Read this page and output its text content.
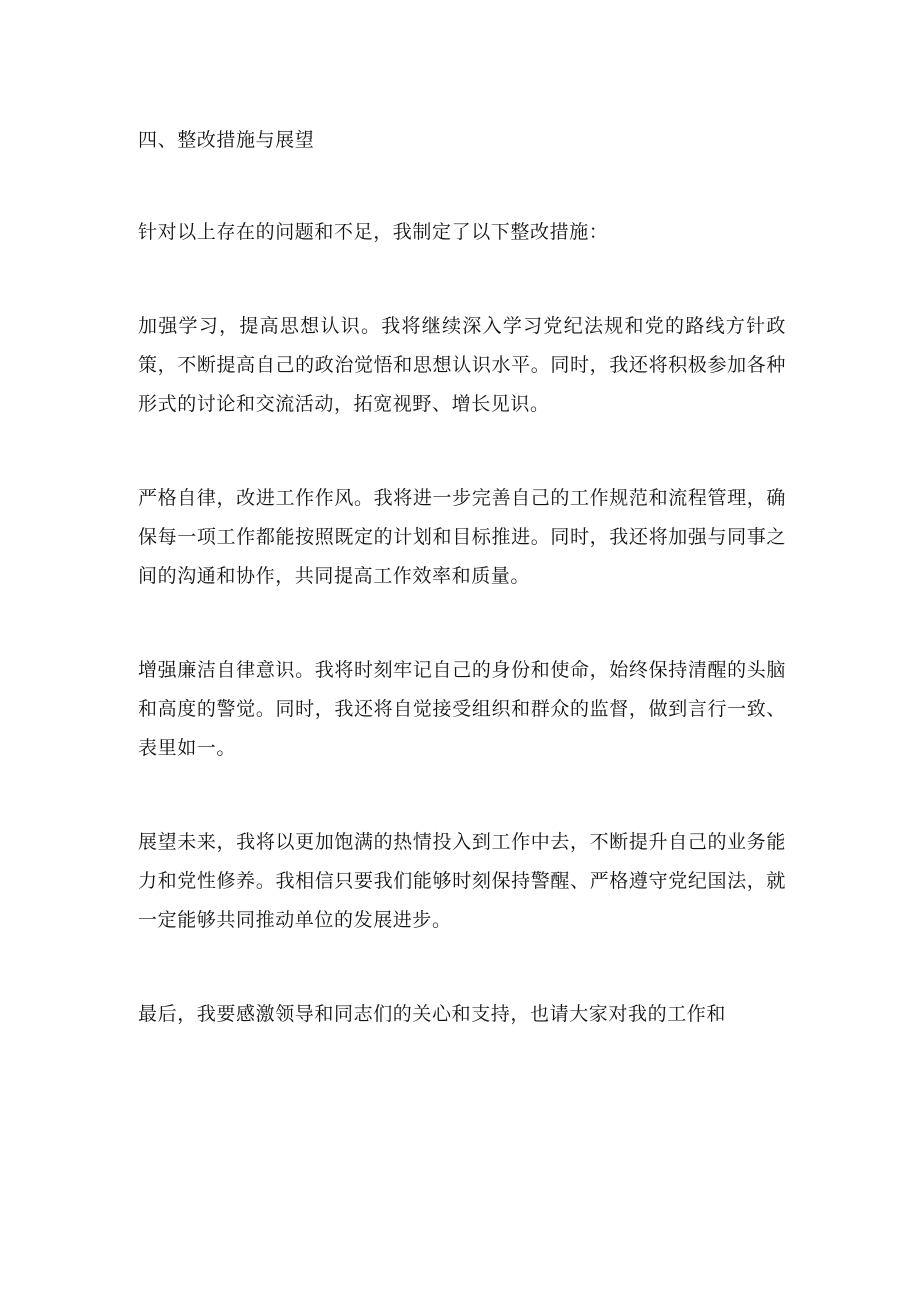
四、整改措施与展望

针对以上存在的问题和不足，我制定了以下整改措施：

加强学习，提高思想认识。我将继续深入学习党纪法规和党的路线方针政策，不断提高自己的政治觉悟和思想认识水平。同时，我还将积极参加各种形式的讨论和交流活动，拓宽视野、增长见识。

严格自律，改进工作作风。我将进一步完善自己的工作规范和流程管理，确保每一项工作都能按照既定的计划和目标推进。同时，我还将加强与同事之间的沟通和协作，共同提高工作效率和质量。

增强廉洁自律意识。我将时刻牢记自己的身份和使命，始终保持清醒的头脑和高度的警觉。同时，我还将自觉接受组织和群众的监督，做到言行一致、表里如一。

展望未来，我将以更加饱满的热情投入到工作中去，不断提升自己的业务能力和党性修养。我相信只要我们能够时刻保持警醒、严格遵守党纪国法，就一定能够共同推动单位的发展进步。

最后，我要感激领导和同志们的关心和支持，也请大家对我的工作和
